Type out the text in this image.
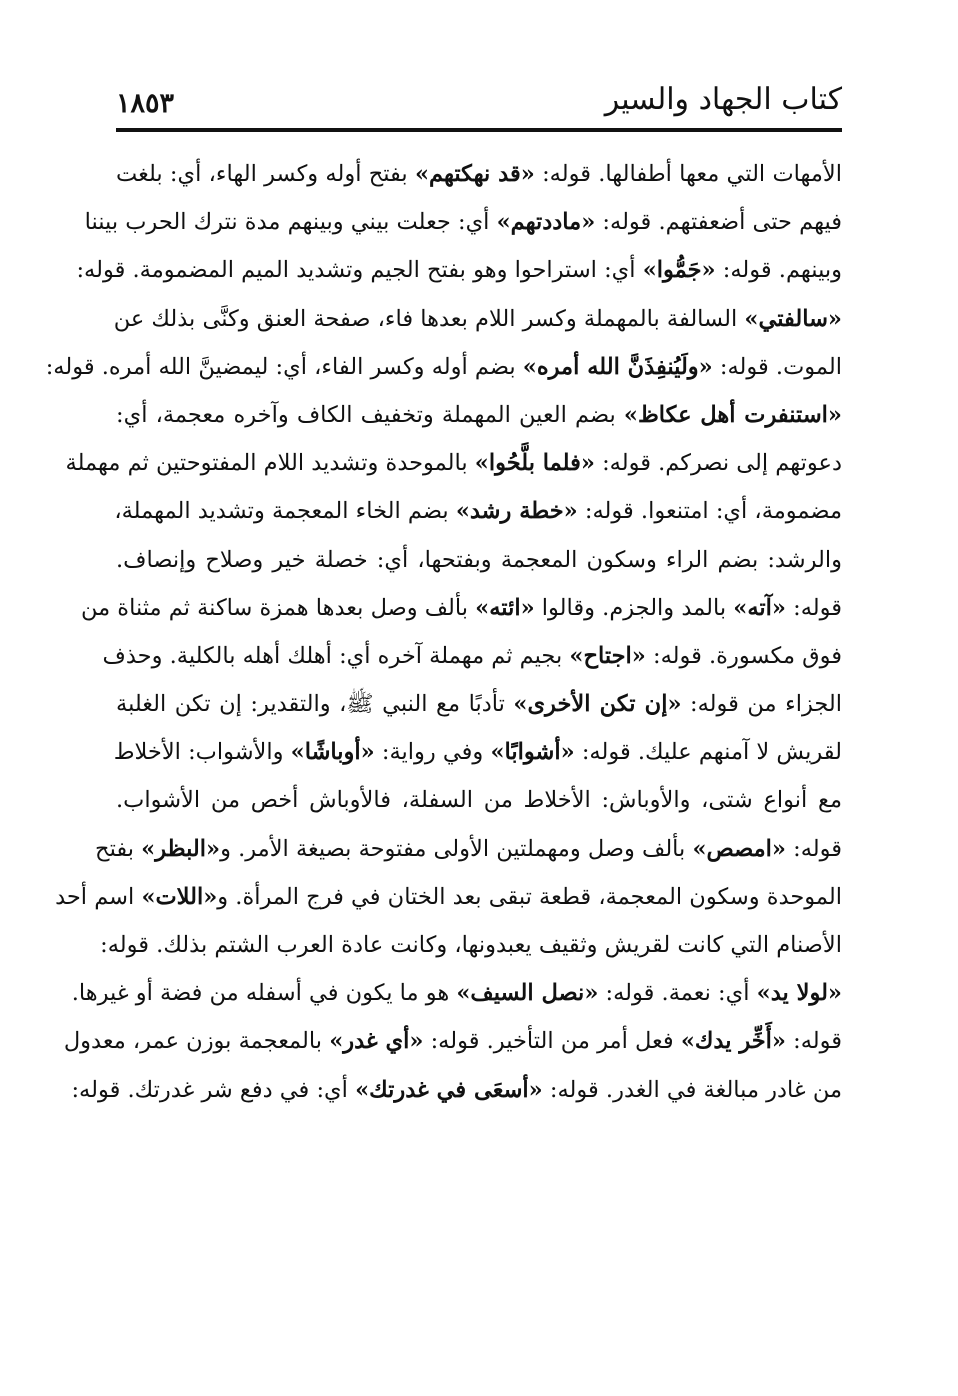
١٨٥٣	كتاب الجهاد والسير
الأمهات التي معها أطفالها. قوله: «قد نهكتهم» بفتح أوله وكسر الهاء، أي: بلغت
فيهم حتى أضعفتهم. قوله: «ماددتهم» أي: جعلت بيني وبينهم مدة نترك الحرب بيننا
وبينهم. قوله: «جَمُّوا» أي: استراحوا وهو بفتح الجيم وتشديد الميم المضمومة. قوله:
«سالفتي» السالفة بالمهملة وكسر اللام بعدها فاء، صفحة العنق وكنَّى بذلك عن
الموت. قوله: «ولَيُنفِذَنَّ الله أمره» بضم أوله وكسر الفاء، أي: ليمضينَّ الله أمره. قوله:
«استنفرت أهل عكاظ» بضم العين المهملة وتخفيف الكاف وآخره معجمة، أي:
دعوتهم إلى نصركم. قوله: «فلما بلَّحُوا» بالموحدة وتشديد اللام المفتوحتين ثم مهملة
مضمومة، أي: امتنعوا. قوله: «خطة رشد» بضم الخاء المعجمة وتشديد المهملة،
والرشد: بضم الراء وسكون المعجمة وبفتحها، أي: خصلة خير وصلاح وإنصاف.
قوله: «آته» بالمد والجزم. وقالوا «ائته» بألف وصل بعدها همزة ساكنة ثم مثناة من
فوق مكسورة. قوله: «اجتاح» بجيم ثم مهملة آخره أي: أهلك أهله بالكلية. وحذف
الجزاء من قوله: «إن تكن الأخرى» تأدبًا مع النبي ﷺ، والتقدير: إن تكن الغلبة
لقريش لا آمنهم عليك. قوله: «أشوابًا» وفي رواية: «أوباشًا» والأشواب: الأخلاط
مع أنواع شتى، والأوباش: الأخلاط من السفلة، فالأوباش أخص من الأشواب.
قوله: «امصص» بألف وصل ومهملتين الأولى مفتوحة بصيغة الأمر. و«البظر» بفتح
الموحدة وسكون المعجمة، قطعة تبقى بعد الختان في فرج المرأة. و«اللات» اسم أحد
الأصنام التي كانت لقريش وثقيف يعبدونها، وكانت عادة العرب الشتم بذلك. قوله:
«لولا يد» أي: نعمة. قوله: «نصل السيف» هو ما يكون في أسفله من فضة أو غيرها.
قوله: «أَخِّر يدك» فعل أمر من التأخير. قوله: «أي غدر» بالمعجمة بوزن عمر، معدول
من غادر مبالغة في الغدر. قوله: «أسعَى في غدرتك» أي: في دفع شر غدرتك. قوله:
